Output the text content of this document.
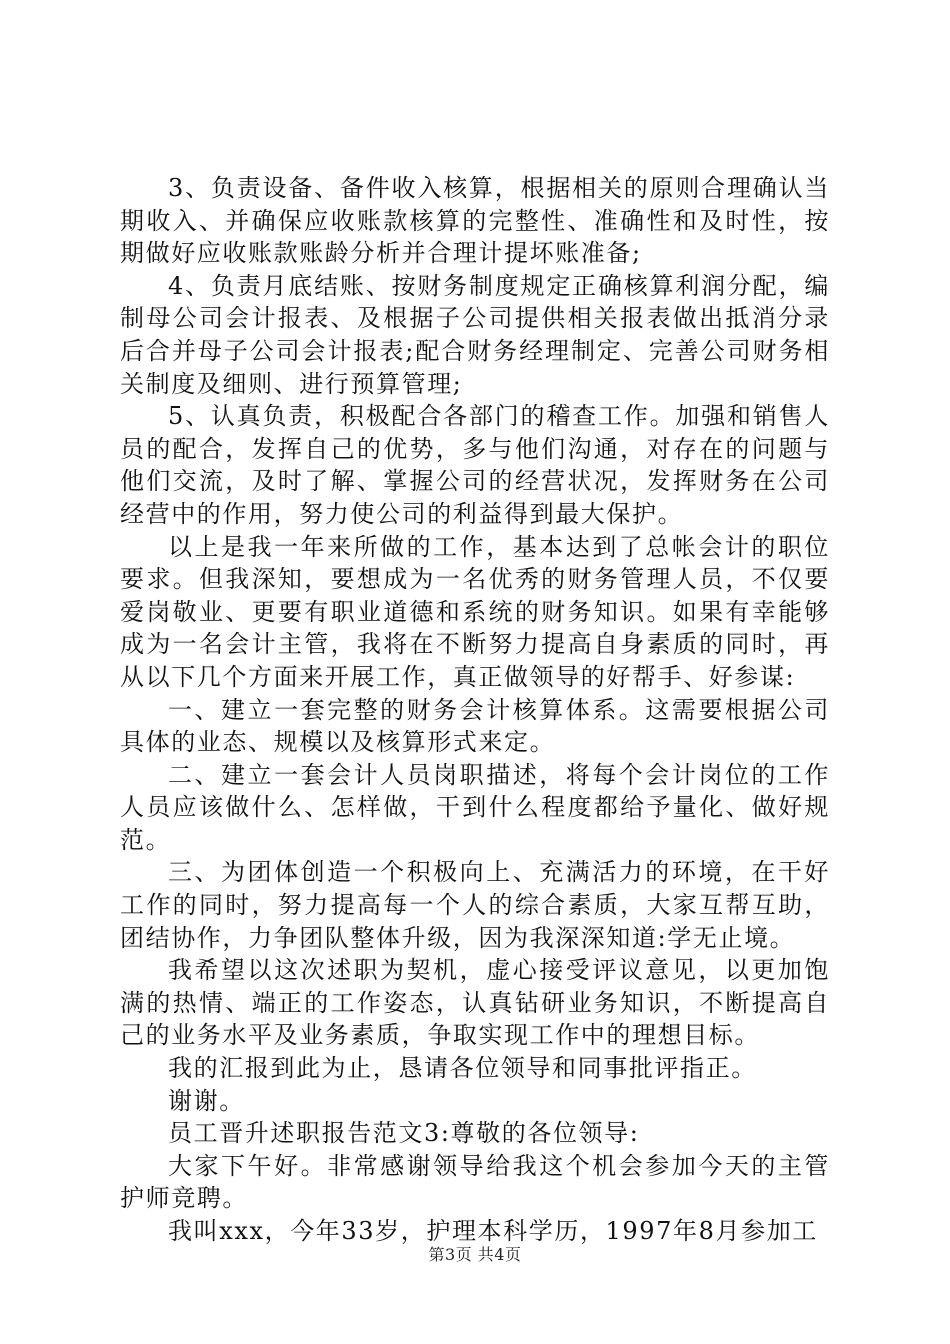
3、负责设备、备件收入核算，根据相关的原则合理确认当期收入、并确保应收账款核算的完整性、准确性和及时性，按期做好应收账款账龄分析并合理计提坏账准备;

4、负责月底结账、按财务制度规定正确核算利润分配，编制母公司会计报表、及根据子公司提供相关报表做出抵消分录后合并母子公司会计报表;配合财务经理制定、完善公司财务相关制度及细则、进行预算管理;

5、认真负责，积极配合各部门的稽查工作。加强和销售人员的配合，发挥自己的优势，多与他们沟通，对存在的问题与他们交流，及时了解、掌握公司的经营状况，发挥财务在公司经营中的作用，努力使公司的利益得到最大保护。

以上是我一年来所做的工作，基本达到了总帐会计的职位要求。但我深知，要想成为一名优秀的财务管理人员，不仅要爱岗敬业、更要有职业道德和系统的财务知识。如果有幸能够成为一名会计主管，我将在不断努力提高自身素质的同时，再从以下几个方面来开展工作，真正做领导的好帮手、好参谋:

一、建立一套完整的财务会计核算体系。这需要根据公司具体的业态、规模以及核算形式来定。

二、建立一套会计人员岗职描述，将每个会计岗位的工作人员应该做什么、怎样做，干到什么程度都给予量化、做好规范。

三、为团体创造一个积极向上、充满活力的环境，在干好工作的同时，努力提高每一个人的综合素质，大家互帮互助，团结协作，力争团队整体升级，因为我深深知道:学无止境。

我希望以这次述职为契机，虚心接受评议意见，以更加饱满的热情、端正的工作姿态，认真钻研业务知识，不断提高自己的业务水平及业务素质，争取实现工作中的理想目标。

我的汇报到此为止，恳请各位领导和同事批评指正。

谢谢。

员工晋升述职报告范文3:尊敬的各位领导:

大家下午好。非常感谢领导给我这个机会参加今天的主管护师竞聘。

我叫xxx，今年33岁，护理本科学历，1997年8月参加工

第3页 共4页
